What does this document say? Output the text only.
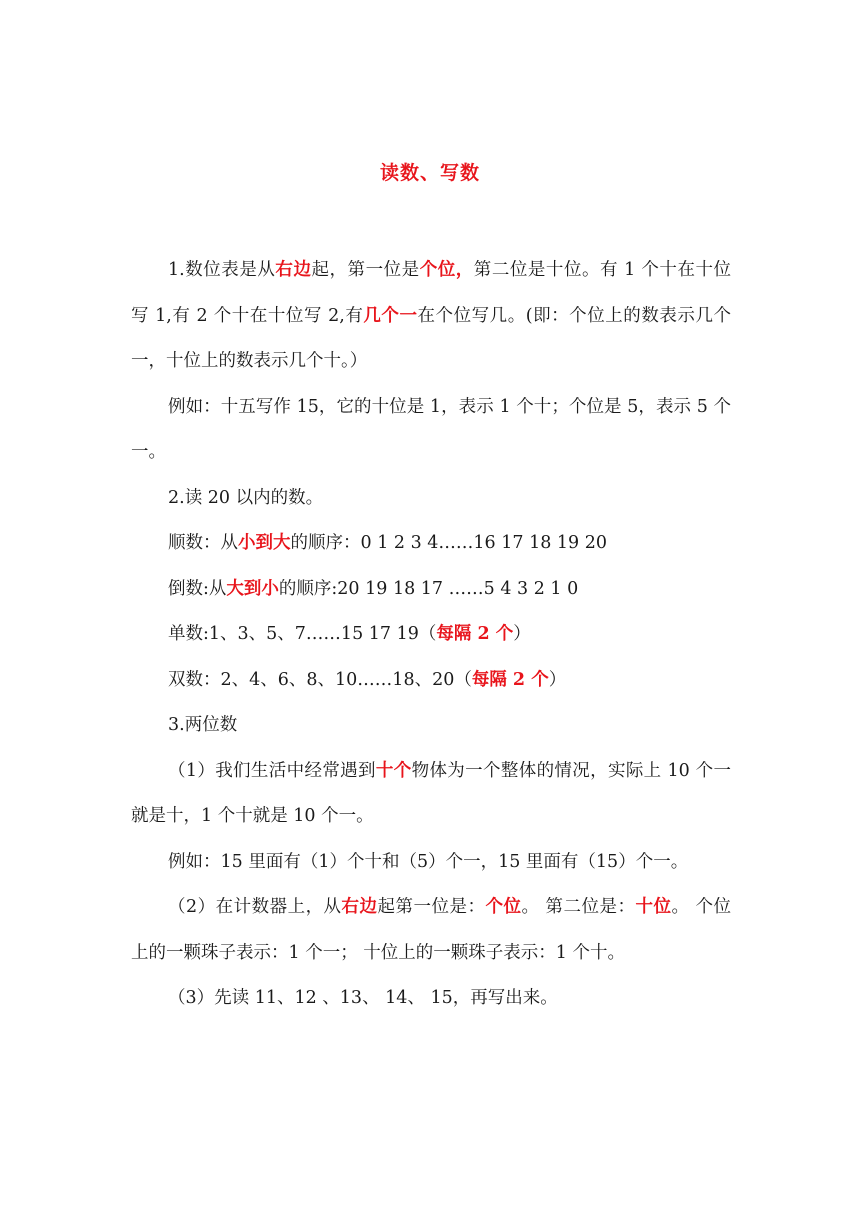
读数、写数

1.数位表是从右边起，第一位是个位，第二位是十位。有 1 个十在十位写 1,有 2 个十在十位写 2,有几个一在个位写几。(即：个位上的数表示几个一，十位上的数表示几个十。）

例如：十五写作 15，它的十位是 1，表示 1 个十；个位是 5，表示 5 个一。

2.读 20 以内的数。

顺数：从小到大的顺序：0 1 2 3 4……16 17 18 19 20

倒数:从大到小的顺序:20 19 18 17 ……5 4 3 2 1 0

单数:1、3、5、7……15 17 19（每隔 2 个）

双数：2、4、6、8、10……18、20（每隔 2 个）

3.两位数

（1）我们生活中经常遇到十个物体为一个整体的情况，实际上 10 个一就是十，1 个十就是 10 个一。

例如：15 里面有（1）个十和（5）个一，15 里面有（15）个一。

（2）在计数器上，从右边起第一位是：个位。 第二位是：十位。 个位上的一颗珠子表示：1 个一； 十位上的一颗珠子表示：1 个十。

（3）先读 11、12 、13、 14、 15，再写出来。
